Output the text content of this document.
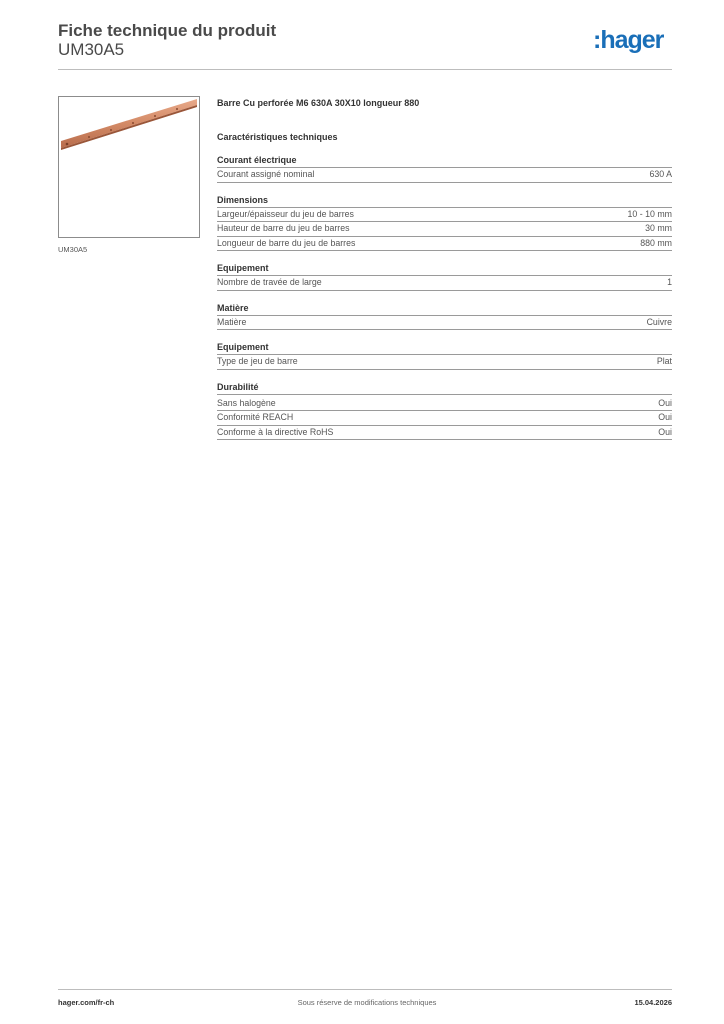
Fiche technique du produit
UM30A5	:hager
UM30A5
Barre Cu perforée M6 630A 30X10 longueur 880
Caractéristiques techniques
Courant électrique
Courant assigné nominal	630 A
Dimensions
Largeur/épaisseur du jeu de barres	10 - 10 mm
Hauteur de barre du jeu de barres	30 mm
Longueur de barre du jeu de barres	880 mm
Equipement
Nombre de travée de large	1
Matière
Matière	Cuivre
Equipement
Type de jeu de barre	Plat
Durabilité
Sans halogène	Oui
Conformité REACH	Oui
Conforme à la directive RoHS	Oui
hager.com/fr-ch	Sous réserve de modifications techniques	15.04.2026
